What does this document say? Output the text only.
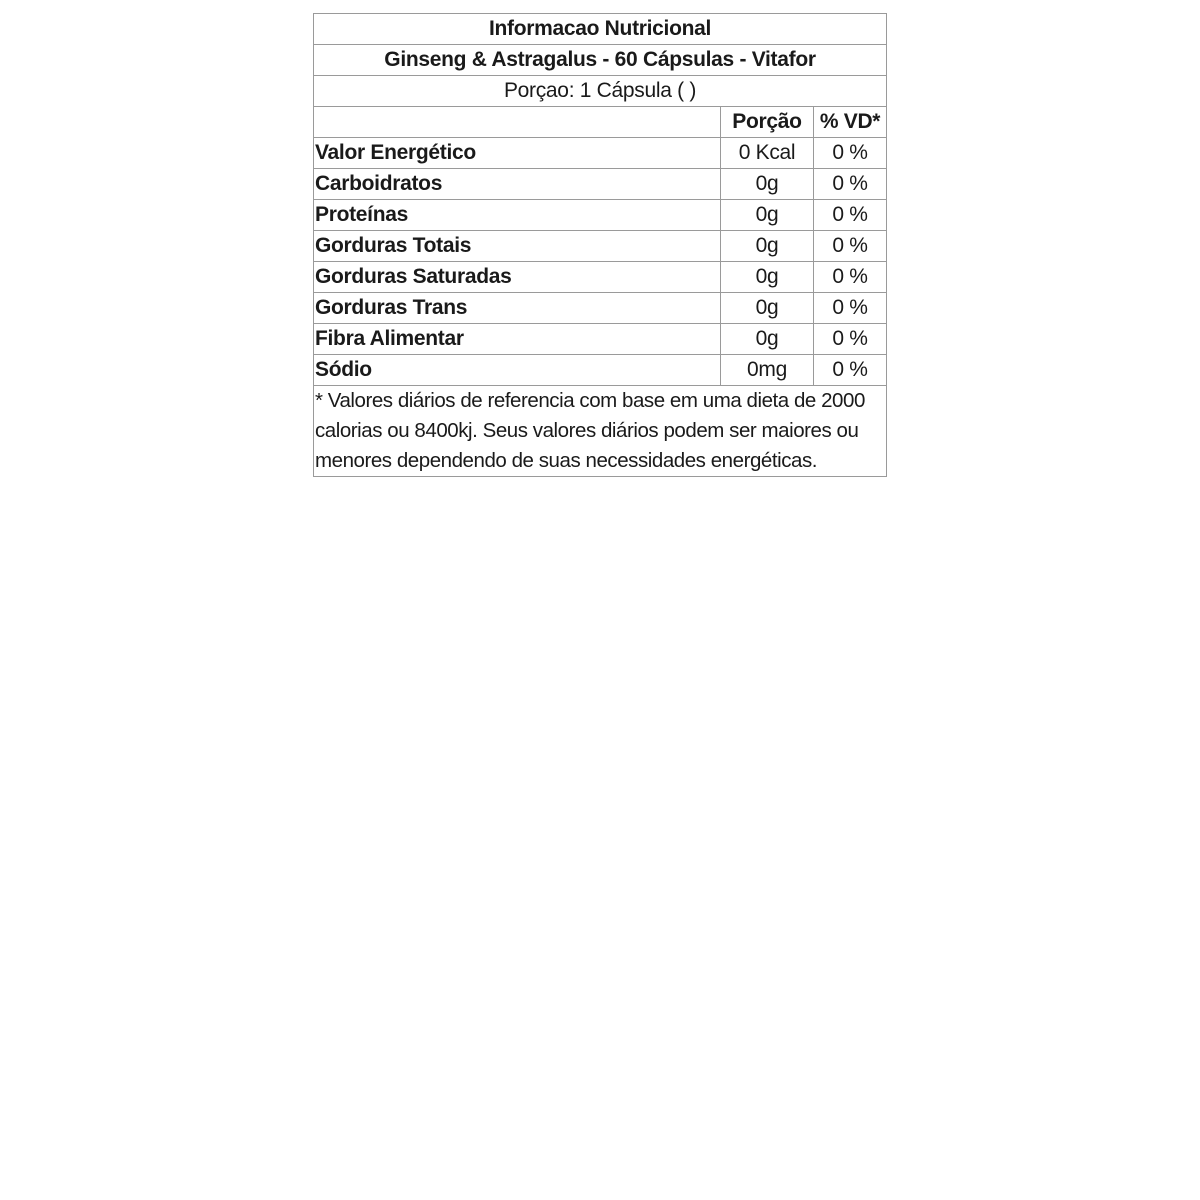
Informacao Nutricional		
Ginseng & Astragalus - 60 Cápsulas - Vitafor		
Porçao: 1 Cápsula ( )		
	Porção	% VD*
Valor Energético	0 Kcal	0 %
Carboidratos	0g	0 %
Proteínas	0g	0 %
Gorduras Totais	0g	0 %
Gorduras Saturadas	0g	0 %
Gorduras Trans	0g	0 %
Fibra Alimentar	0g	0 %
Sódio	0mg	0 %
* Valores diários de referencia com base em uma dieta de 2000 calorias ou 8400kj. Seus valores diários podem ser maiores ou menores dependendo de suas necessidades energéticas.		
